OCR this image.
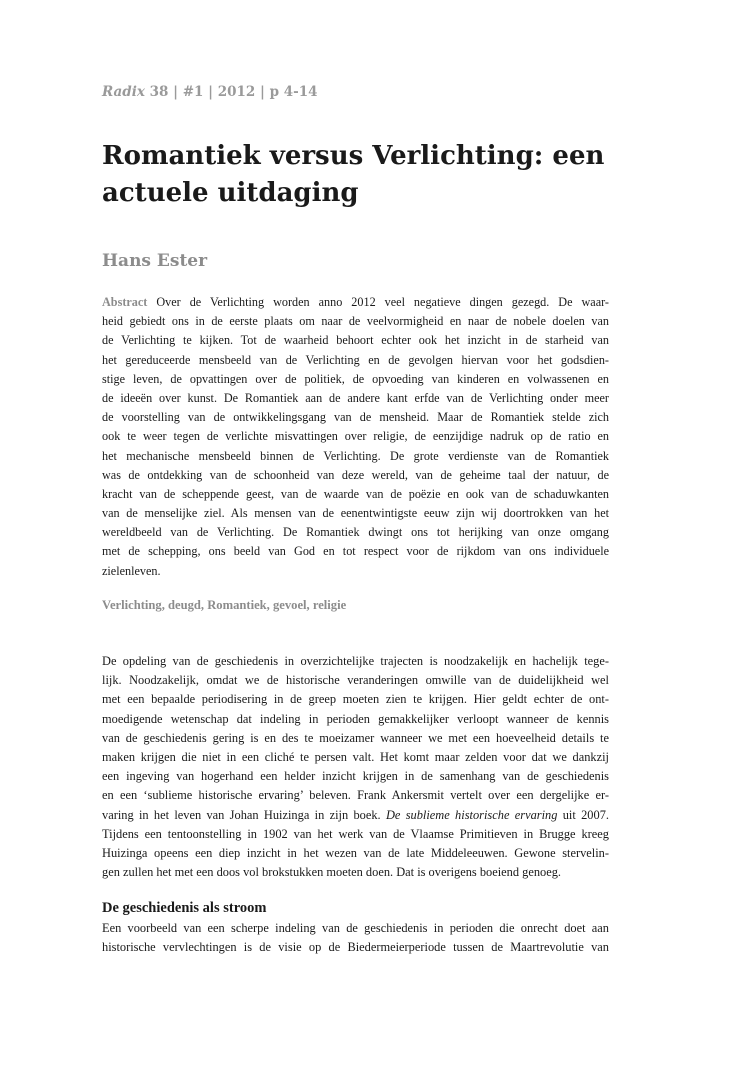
Radix 38 | #1 | 2012 | p 4-14
Romantiek versus Verlichting: een
actuele uitdaging
Hans Ester
Abstract Over de Verlichting worden anno 2012 veel negatieve dingen gezegd. De waar-
heid gebiedt ons in de eerste plaats om naar de veelvormigheid en naar de nobele doelen van
de Verlichting te kijken. Tot de waarheid behoort echter ook het inzicht in de starheid van
het gereduceerde mensbeeld van de Verlichting en de gevolgen hiervan voor het godsdien-
stige leven, de opvattingen over de politiek, de opvoeding van kinderen en volwassenen en
de ideeën over kunst. De Romantiek aan de andere kant erfde van de Verlichting onder meer
de voorstelling van de ontwikkelingsgang van de mensheid. Maar de Romantiek stelde zich
ook te weer tegen de verlichte misvattingen over religie, de eenzijdige nadruk op de ratio en
het mechanische mensbeeld binnen de Verlichting. De grote verdienste van de Romantiek
was de ontdekking van de schoonheid van deze wereld, van de geheime taal der natuur, de
kracht van de scheppende geest, van de waarde van de poëzie en ook van de schaduwkanten
van de menselijke ziel. Als mensen van de eenentwintigste eeuw zijn wij doortrokken van het
wereldbeeld van de Verlichting. De Romantiek dwingt ons tot herijking van onze omgang
met de schepping, ons beeld van God en tot respect voor de rijkdom van ons individuele
zielenleven.
Verlichting, deugd, Romantiek, gevoel, religie
De opdeling van de geschiedenis in overzichtelijke trajecten is noodzakelijk en hachelijk tege-
lijk. Noodzakelijk, omdat we de historische veranderingen omwille van de duidelijkheid wel
met een bepaalde periodisering in de greep moeten zien te krijgen. Hier geldt echter de ont-
moedigende wetenschap dat indeling in perioden gemakkelijker verloopt wanneer de kennis
van de geschiedenis gering is en des te moeizamer wanneer we met een hoeveelheid details te
maken krijgen die niet in een cliché te persen valt. Het komt maar zelden voor dat we dankzij
een ingeving van hogerhand een helder inzicht krijgen in de samenhang van de geschiedenis
en een ‘sublieme historische ervaring’ beleven. Frank Ankersmit vertelt over een dergelijke er-
varing in het leven van Johan Huizinga in zijn boek. De sublieme historische ervaring uit 2007.
Tijdens een tentoonstelling in 1902 van het werk van de Vlaamse Primitieven in Brugge kreeg
Huizinga opeens een diep inzicht in het wezen van de late Middeleeuwen. Gewone stervelin-
gen zullen het met een doos vol brokstukken moeten doen. Dat is overigens boeiend genoeg.
De geschiedenis als stroom
Een voorbeeld van een scherpe indeling van de geschiedenis in perioden die onrecht doet aan
historische vervlechtingen is de visie op de Biedermeierperiode tussen de Maartrevolutie van
